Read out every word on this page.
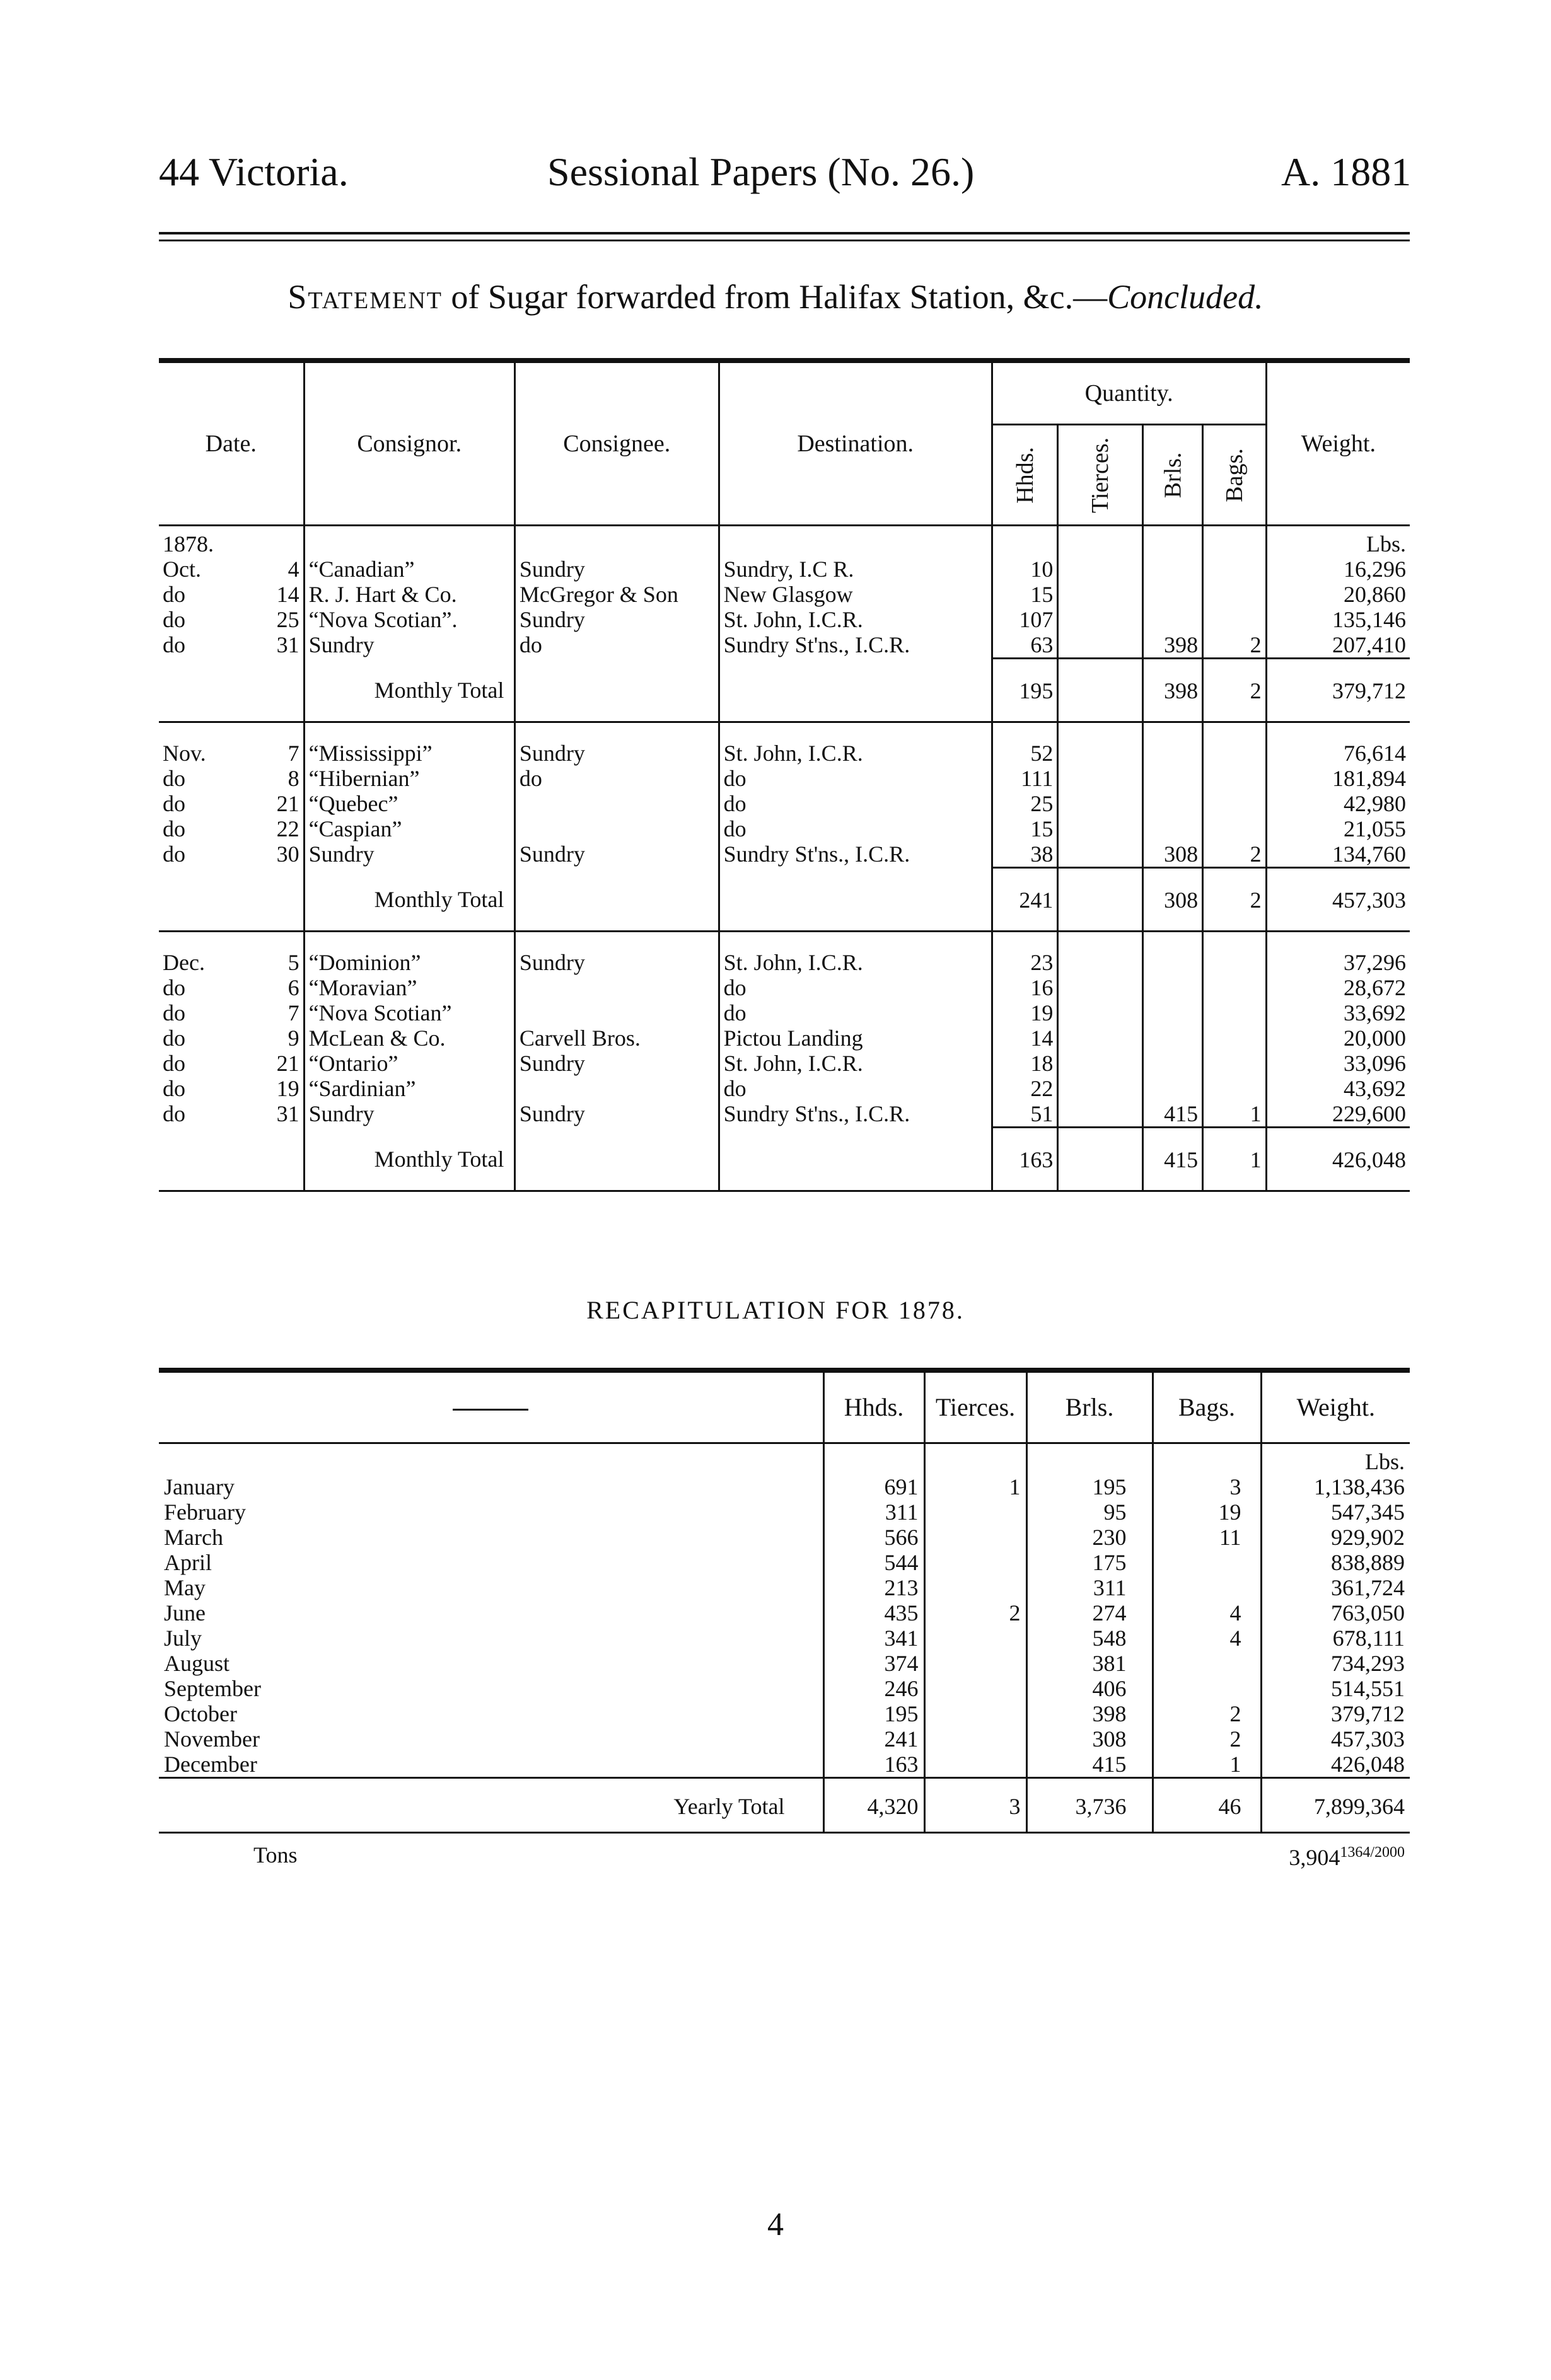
44 Victoria.	Sessional Papers (No. 26.)	A. 1881
Statement of Sugar forwarded from Halifax Station, &c.—Concluded.
Date.		Consignor.	Consignee.	Destination.	Quantity.				Weight.
					Hhds.	Tierces.	Brls.	Bags.	
1878.									Lbs.
Oct.	4	“Canadian”	Sundry	Sundry, I.C R.	10				16,296
do	14	R. J. Hart & Co.	McGregor & Son	New Glasgow	15				20,860
do	25	“Nova Scotian”.	Sundry	St. John, I.C.R.	107				135,146
do	31	Sundry	do	Sundry St'ns., I.C.R.	63		398	2	207,410
		Monthly Total			195		398	2	379,712

Nov.	7	“Mississippi”	Sundry	St. John, I.C.R.	52				76,614
do	8	“Hibernian”	do	do	111				181,894
do	21	“Quebec”		do	25				42,980
do	22	“Caspian”		do	15				21,055
do	30	Sundry	Sundry	Sundry St'ns., I.C.R.	38		308	2	134,760
		Monthly Total			241		308	2	457,303

Dec.	5	“Dominion”	Sundry	St. John, I.C.R.	23				37,296
do	6	“Moravian”		do	16				28,672
do	7	“Nova Scotian”		do	19				33,692
do	9	McLean & Co.	Carvell Bros.	Pictou Landing	14				20,000
do	21	“Ontario”	Sundry	St. John, I.C.R.	18				33,096
do	19	“Sardinian”		do	22				43,692
do	31	Sundry	Sundry	Sundry St'ns., I.C.R.	51		415	1	229,600
		Monthly Total			163		415	1	426,048

RECAPITULATION FOR 1878.
	Hhds.	Tierces.	Brls.	Bags.	Weight.
					Lbs.
January	691	1	195	3	1,138,436
February	311		95	19	547,345
March	566		230	11	929,902
April	544		175		838,889
May	213		311		361,724
June	435	2	274	4	763,050
July	341		548	4	678,111
August	374		381		734,293
September	246		406		514,551
October	195		398	2	379,712
November	241		308	2	457,303
December	163		415	1	426,048
Yearly Total	4,320	3	3,736	46	7,899,364
Tons					$3,904^{1364/2000}$
4
